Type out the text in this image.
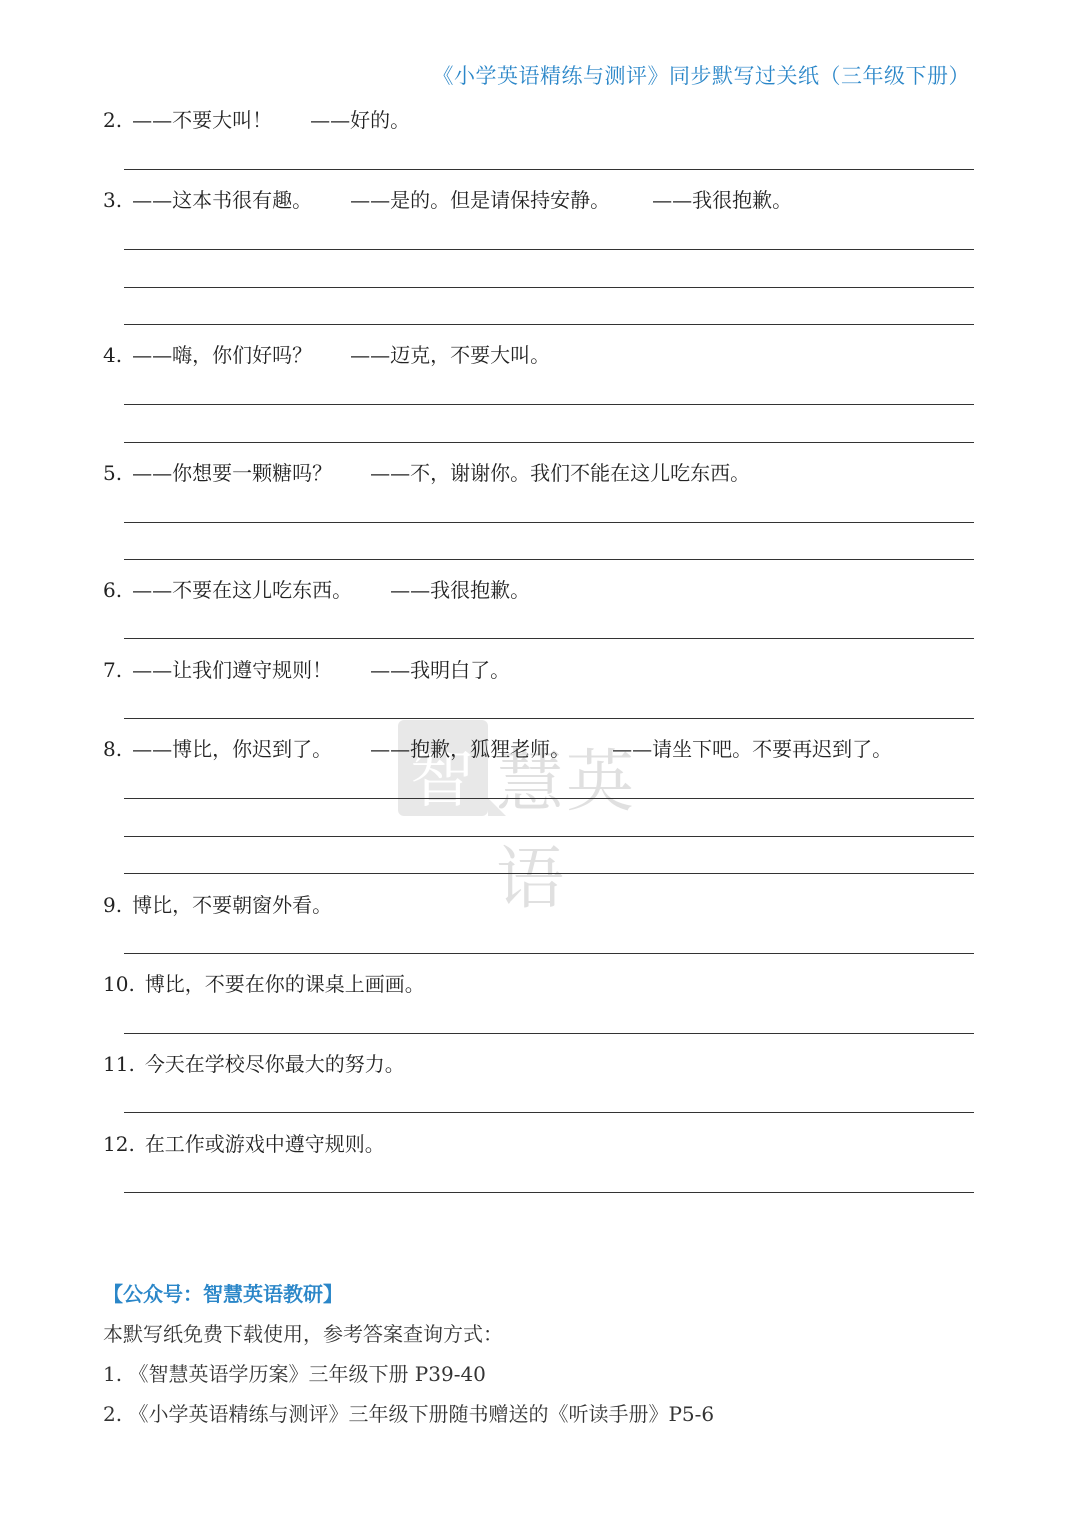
《小学英语精练与测评》同步默写过关纸（三年级下册）
2. ——不要大叫！ ——好的。
3. ——这本书很有趣。 ——是的。但是请保持安静。 ——我很抱歉。
4. ——嗨，你们好吗？ ——迈克，不要大叫。
5. ——你想要一颗糖吗？ ——不，谢谢你。我们不能在这儿吃东西。
6. ——不要在这儿吃东西。 ——我很抱歉。
7. ——让我们遵守规则！ ——我明白了。
智 慧英语
8. ——博比，你迟到了。 ——抱歉，狐狸老师。 ——请坐下吧。不要再迟到了。
9. 博比，不要朝窗外看。
10. 博比，不要在你的课桌上画画。
11. 今天在学校尽你最大的努力。
12. 在工作或游戏中遵守规则。
【公众号：智慧英语教研】
本默写纸免费下载使用，参考答案查询方式：
1. 《智慧英语学历案》三年级下册 P39-40
2. 《小学英语精练与测评》三年级下册随书赠送的《听读手册》P5-6
